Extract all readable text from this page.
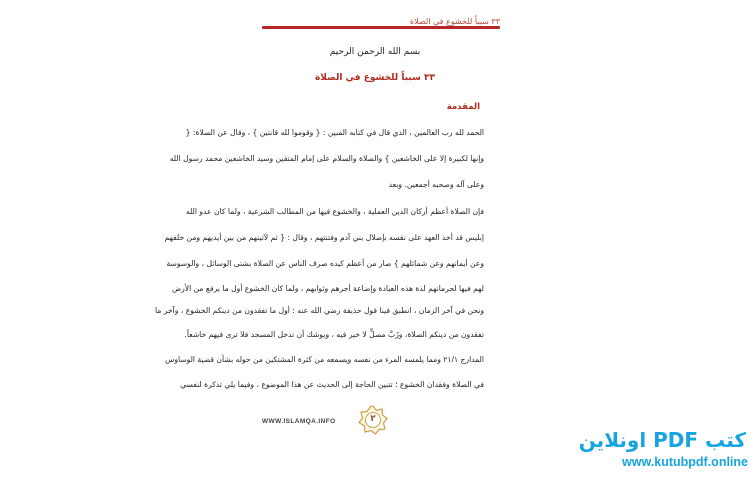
٣٣ سبباً للخشوع في الصلاة
بسم الله الرحمن الرحيم
٣٣ سبباً للخشوع في الصلاة
المقدمة
الحمد لله رب العالمين ، الذي قال في كتابه المبين : { وقوموا لله قانتين } ، وقال عن الصلاة: {
وإنها لكبيرة إلا على الخاشعين } والصلاة والسلام على إمام المتقين وسيد الخاشعين محمد رسول الله
وعلى آله وصحبه أجمعين. وبعد
فإن الصلاة أعظم أركان الدين العملية ، والخشوع فيها من المطالب الشرعية ، ولما كان عدو الله
إبليس قد أخذ العهد على نفسه بإضلال بني آدم وفتنتهم ، وقال : { ثم لآتينهم من بين أيديهم ومن خلفهم
وعن أيمانهم وعن شمائلهم } صار من أعظم كيده صرف الناس عن الصلاة بشتى الوسائل ، والوسوسة
لهم فيها لحرمانهم لذة هذه العبادة وإضاعة أجرهم وثوابهم ، ولما كان الخشوع أول ما يرفع من الأرض
ونحن في آخر الزمان ، انطبق فينا قول حذيفة رضي الله عنه : أول ما تفقدون من دينكم الخشوع ، وآخر ما
تفقدون من دينكم الصلاة، ورُبَّ مصلٍّ لا خير فيه ، ويوشك أن تدخل المسجد فلا ترى فيهم خاشعاً.
المدارج ٢١/١ ومما يلمسه المرء من نفسه ويسمعه من كثرة المشتكين من حوله بشأن قضية الوساوس
في الصلاة وفقدان الخشوع ؛ تتبين الحاجة إلى الحديث عن هذا الموضوع ، وفيما يلي تذكرة لنفسي
WWW.ISLAMQA.INFO	٢
كتب PDF اونلاين
www.kutubpdf.online
